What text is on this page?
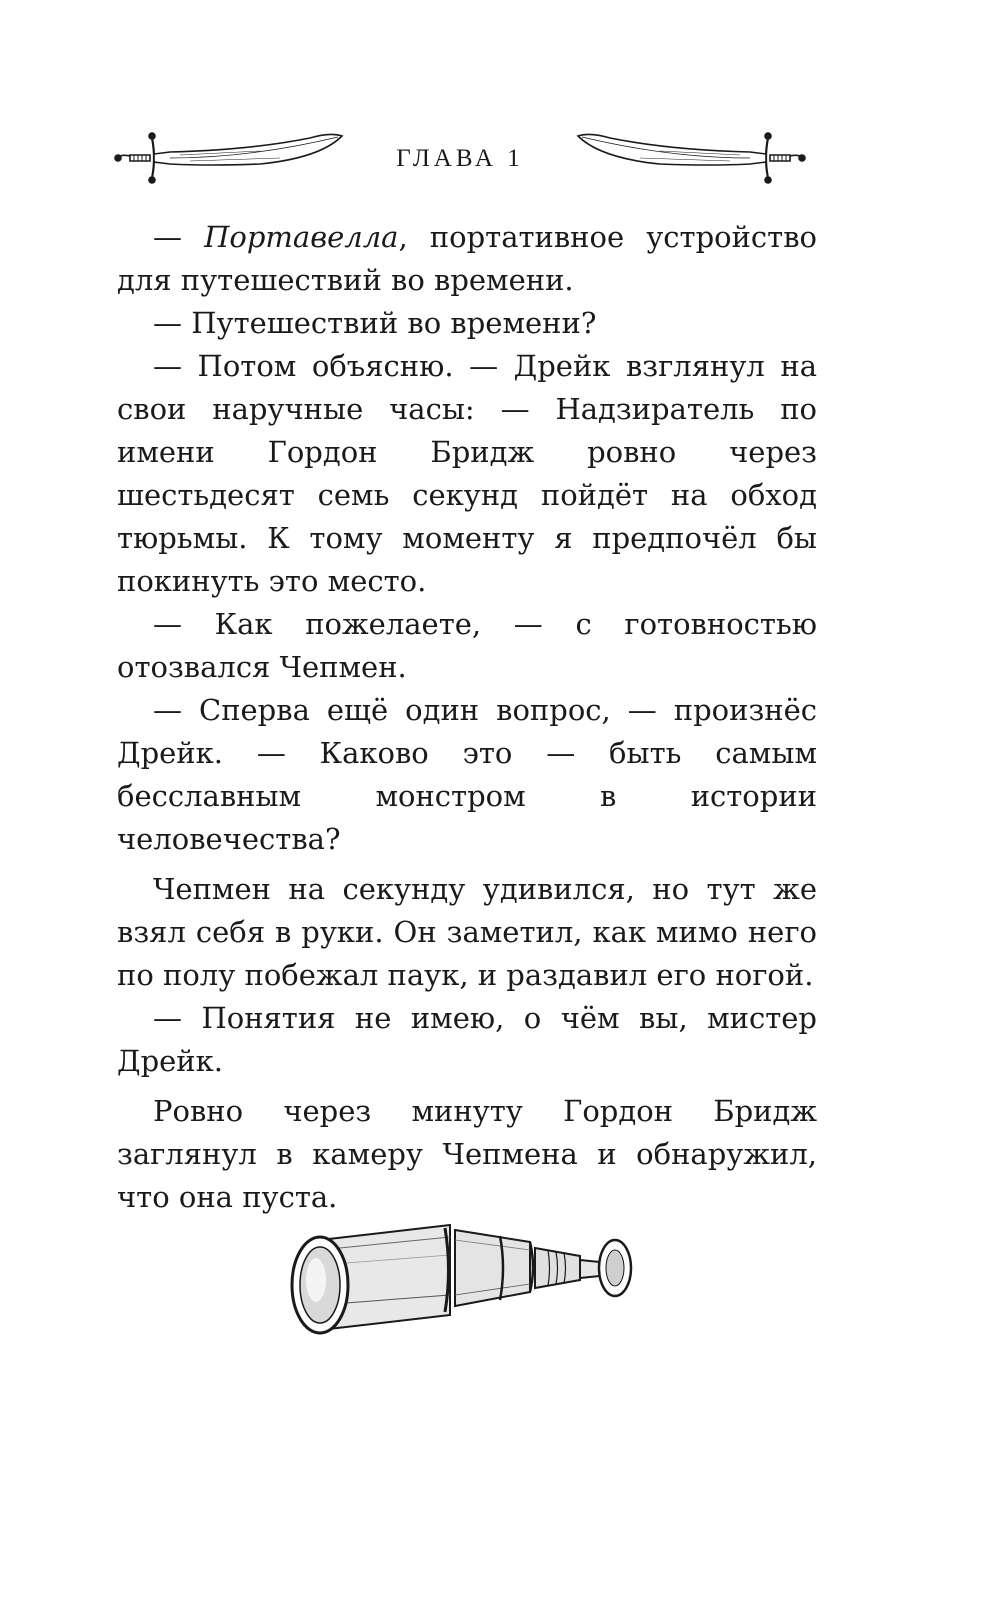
ГЛАВА 1

— Портавелла, портативное устройство для путешествий во времени.

— Путешествий во времени?

— Потом объясню. — Дрейк взглянул на свои наручные часы: — Надзиратель по имени Гордон Бридж ровно через шестьдесят семь секунд пойдёт на обход тюрьмы. К тому моменту я предпочёл бы покинуть это место.

— Как пожелаете, — с готовностью отозвался Чепмен.

— Сперва ещё один вопрос, — произнёс Дрейк. — Каково это — быть самым бесславным монстром в истории человечества?

Чепмен на секунду удивился, но тут же взял себя в руки. Он заметил, как мимо него по полу побежал паук, и раздавил его ногой.

— Понятия не имею, о чём вы, мистер Дрейк.

Ровно через минуту Гордон Бридж заглянул в камеру Чепмена и обнаружил, что она пуста.
